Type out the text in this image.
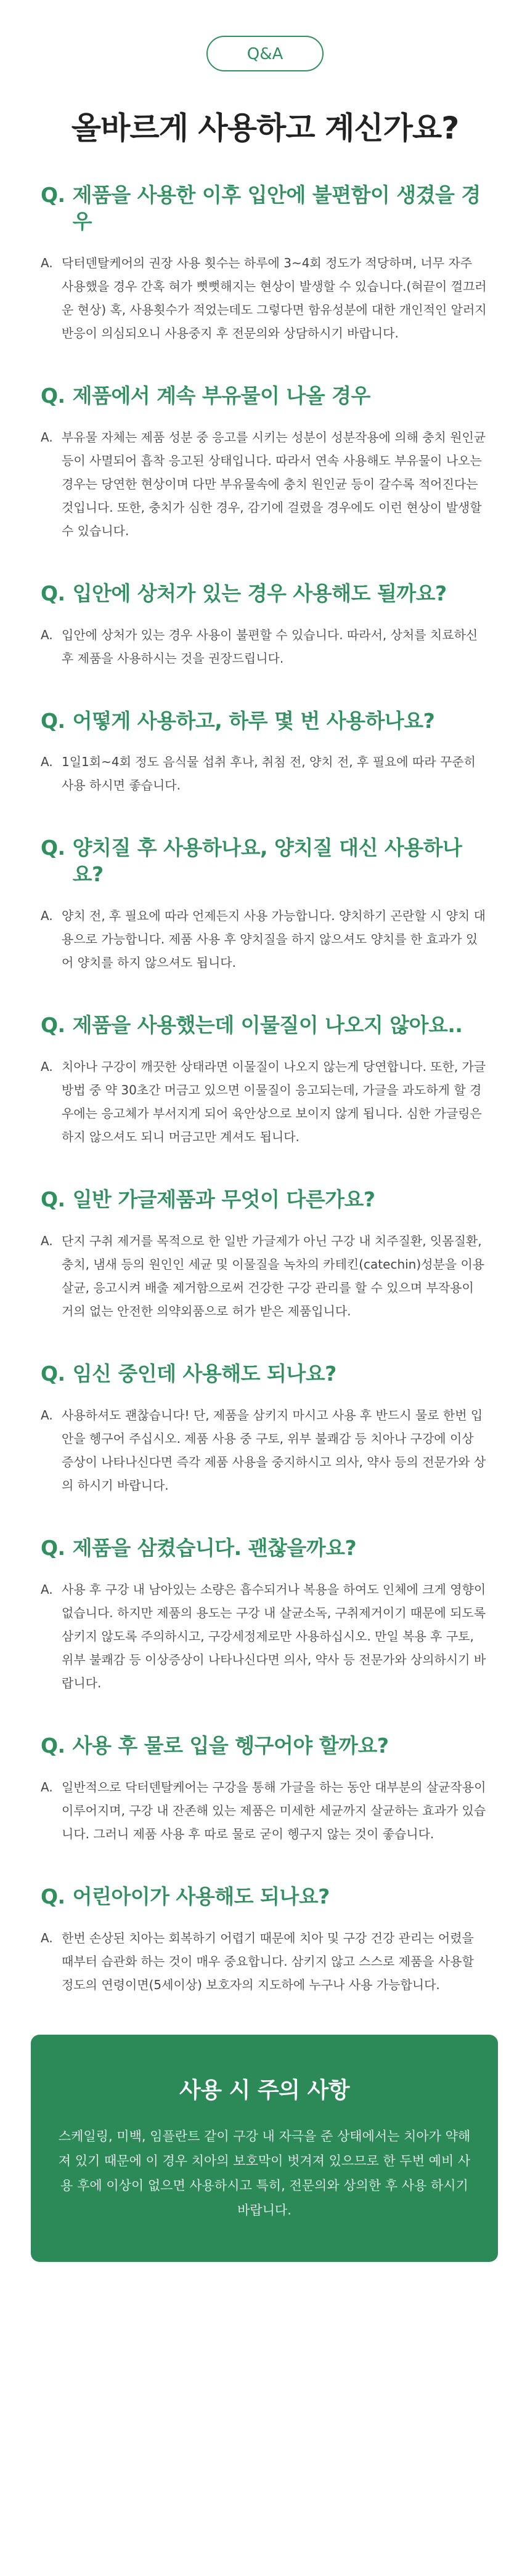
Q&A
올바르게 사용하고 계신가요?
Q. 제품을 사용한 이후 입안에 불편함이 생겼을 경우
A. 닥터덴탈케어의 권장 사용 횟수는 하루에 3~4회 정도가 적당하며, 너무 자주 사용했을 경우 간혹 혀가 뻣뻣해지는 현상이 발생할 수 있습니다.(혀끝이 껄끄러운 현상) 혹, 사용횟수가 적었는데도 그렇다면 함유성분에 대한 개인적인 알러지 반응이 의심되오니 사용중지 후 전문의와 상담하시기 바랍니다.
Q. 제품에서 계속 부유물이 나올 경우
A. 부유물 자체는 제품 성분 중 응고를 시키는 성분이 성분작용에 의해 충치 원인균 등이 사멸되어 흡착 응고된 상태입니다. 따라서 연속 사용해도 부유물이 나오는 경우는 당연한 현상이며 다만 부유물속에 충치 원인균 등이 갈수록 적어진다는 것입니다. 또한, 충치가 심한 경우, 감기에 걸렸을 경우에도 이런 현상이 발생할 수 있습니다.
Q. 입안에 상처가 있는 경우 사용해도 될까요?
A. 입안에 상처가 있는 경우 사용이 불편할 수 있습니다. 따라서, 상처를 치료하신 후 제품을 사용하시는 것을 권장드립니다.
Q. 어떻게 사용하고, 하루 몇 번 사용하나요?
A. 1일1회~4회 정도 음식물 섭취 후나, 취침 전, 양치 전, 후 필요에 따라 꾸준히 사용 하시면 좋습니다.
Q. 양치질 후 사용하나요, 양치질 대신 사용하나요?
A. 양치 전, 후 필요에 따라 언제든지 사용 가능합니다. 양치하기 곤란할 시 양치 대용으로 가능합니다. 제품 사용 후 양치질을 하지 않으셔도 양치를 한 효과가 있어 양치를 하지 않으셔도 됩니다.
Q. 제품을 사용했는데 이물질이 나오지 않아요..
A. 치아나 구강이 깨끗한 상태라면 이물질이 나오지 않는게 당연합니다. 또한, 가글 방법 중 약 30초간 머금고 있으면 이물질이 응고되는데, 가글을 과도하게 할 경우에는 응고체가 부서지게 되어 육안상으로 보이지 않게 됩니다. 심한 가글링은 하지 않으셔도 되니 머금고만 계셔도 됩니다.
Q. 일반 가글제품과 무엇이 다른가요?
A. 단지 구취 제거를 목적으로 한 일반 가글제가 아닌 구강 내 치주질환, 잇몸질환, 충치, 냄새 등의 원인인 세균 및 이물질을 녹차의 카테킨(catechin)성분을 이용 살균, 응고시켜 배출 제거함으로써 건강한 구강 관리를 할 수 있으며 부작용이 거의 없는 안전한 의약외품으로 허가 받은 제품입니다.
Q. 임신 중인데 사용해도 되나요?
A. 사용하셔도 괜찮습니다! 단, 제품을 삼키지 마시고 사용 후 반드시 물로 한번 입안을 헹구어 주십시오. 제품 사용 중 구토, 위부 불쾌감 등 치아나 구강에 이상 증상이 나타나신다면 즉각 제품 사용을 중지하시고 의사, 약사 등의 전문가와 상의 하시기 바랍니다.
Q. 제품을 삼켰습니다. 괜찮을까요?
A. 사용 후 구강 내 남아있는 소량은 흡수되거나 복용을 하여도 인체에 크게 영향이 없습니다. 하지만 제품의 용도는 구강 내 살균소독, 구취제거이기 때문에 되도록 삼키지 않도록 주의하시고, 구강세정제로만 사용하십시오. 만일 복용 후 구토, 위부 불쾌감 등 이상증상이 나타나신다면 의사, 약사 등 전문가와 상의하시기 바랍니다.
Q. 사용 후 물로 입을 헹구어야 할까요?
A. 일반적으로 닥터덴탈케어는 구강을 통해 가글을 하는 동안 대부분의 살균작용이 이루어지며, 구강 내 잔존해 있는 제품은 미세한 세균까지 살균하는 효과가 있습니다. 그러니 제품 사용 후 따로 물로 굳이 헹구지 않는 것이 좋습니다.
Q. 어린아이가 사용해도 되나요?
A. 한번 손상된 치아는 회복하기 어렵기 때문에 치아 및 구강 건강 관리는 어렸을 때부터 습관화 하는 것이 매우 중요합니다. 삼키지 않고 스스로 제품을 사용할 정도의 연령이면(5세이상) 보호자의 지도하에 누구나 사용 가능합니다.
사용 시 주의 사항
스케일링, 미백, 임플란트 같이 구강 내 자극을 준 상태에서는 치아가 약해져 있기 때문에 이 경우 치아의 보호막이 벗겨져 있으므로 한 두번 예비 사용 후에 이상이 없으면 사용하시고 특히, 전문의와 상의한 후 사용 하시기 바랍니다.
